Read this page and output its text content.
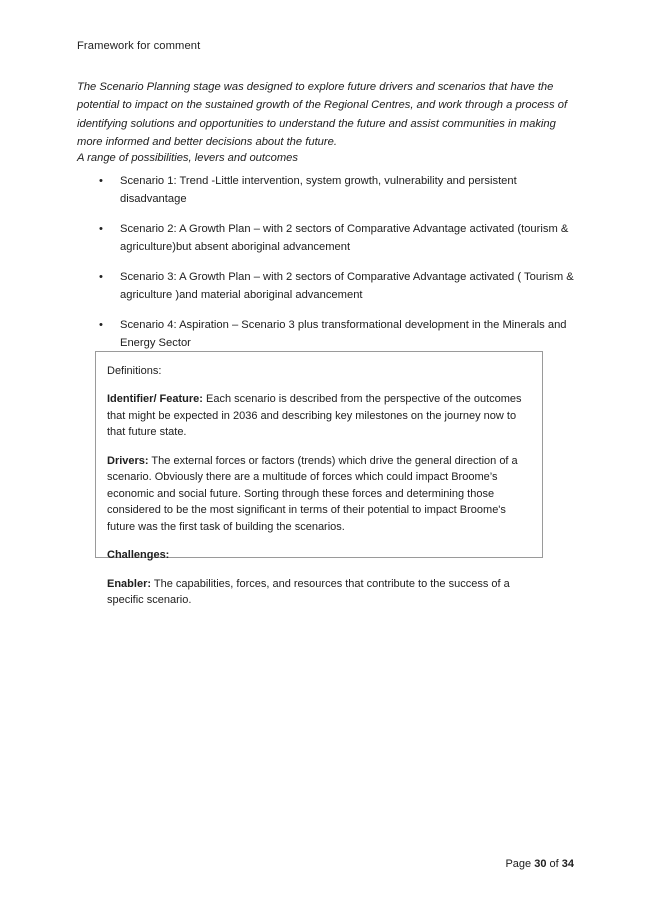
Framework for comment
The Scenario Planning stage was designed to explore future drivers and scenarios that have the potential to impact on the sustained growth of the Regional Centres, and work through a process of identifying solutions and opportunities to understand the future and assist communities in making more informed and better decisions about the future.
A range of possibilities, levers and outcomes
• Scenario 1: Trend -Little intervention, system growth, vulnerability and persistent disadvantage
• Scenario 2: A Growth Plan – with 2 sectors of Comparative Advantage activated (tourism & agriculture)but absent aboriginal advancement
• Scenario 3: A Growth Plan – with 2 sectors of Comparative Advantage activated ( Tourism & agriculture )and material aboriginal advancement
• Scenario 4: Aspiration – Scenario 3 plus transformational development in the Minerals and Energy Sector
Definitions:
Identifier/ Feature: Each scenario is described from the perspective of the outcomes that might be expected in 2036 and describing key milestones on the journey now to that future state.
Drivers: The external forces or factors (trends) which drive the general direction of a scenario. Obviously there are a multitude of forces which could impact Broome’s economic and social future. Sorting through these forces and determining those considered to be the most significant in terms of their potential to impact Broome's future was the first task of building the scenarios.
Challenges:
Enabler: The capabilities, forces, and resources that contribute to the success of a specific scenario.
Page 30 of 34
